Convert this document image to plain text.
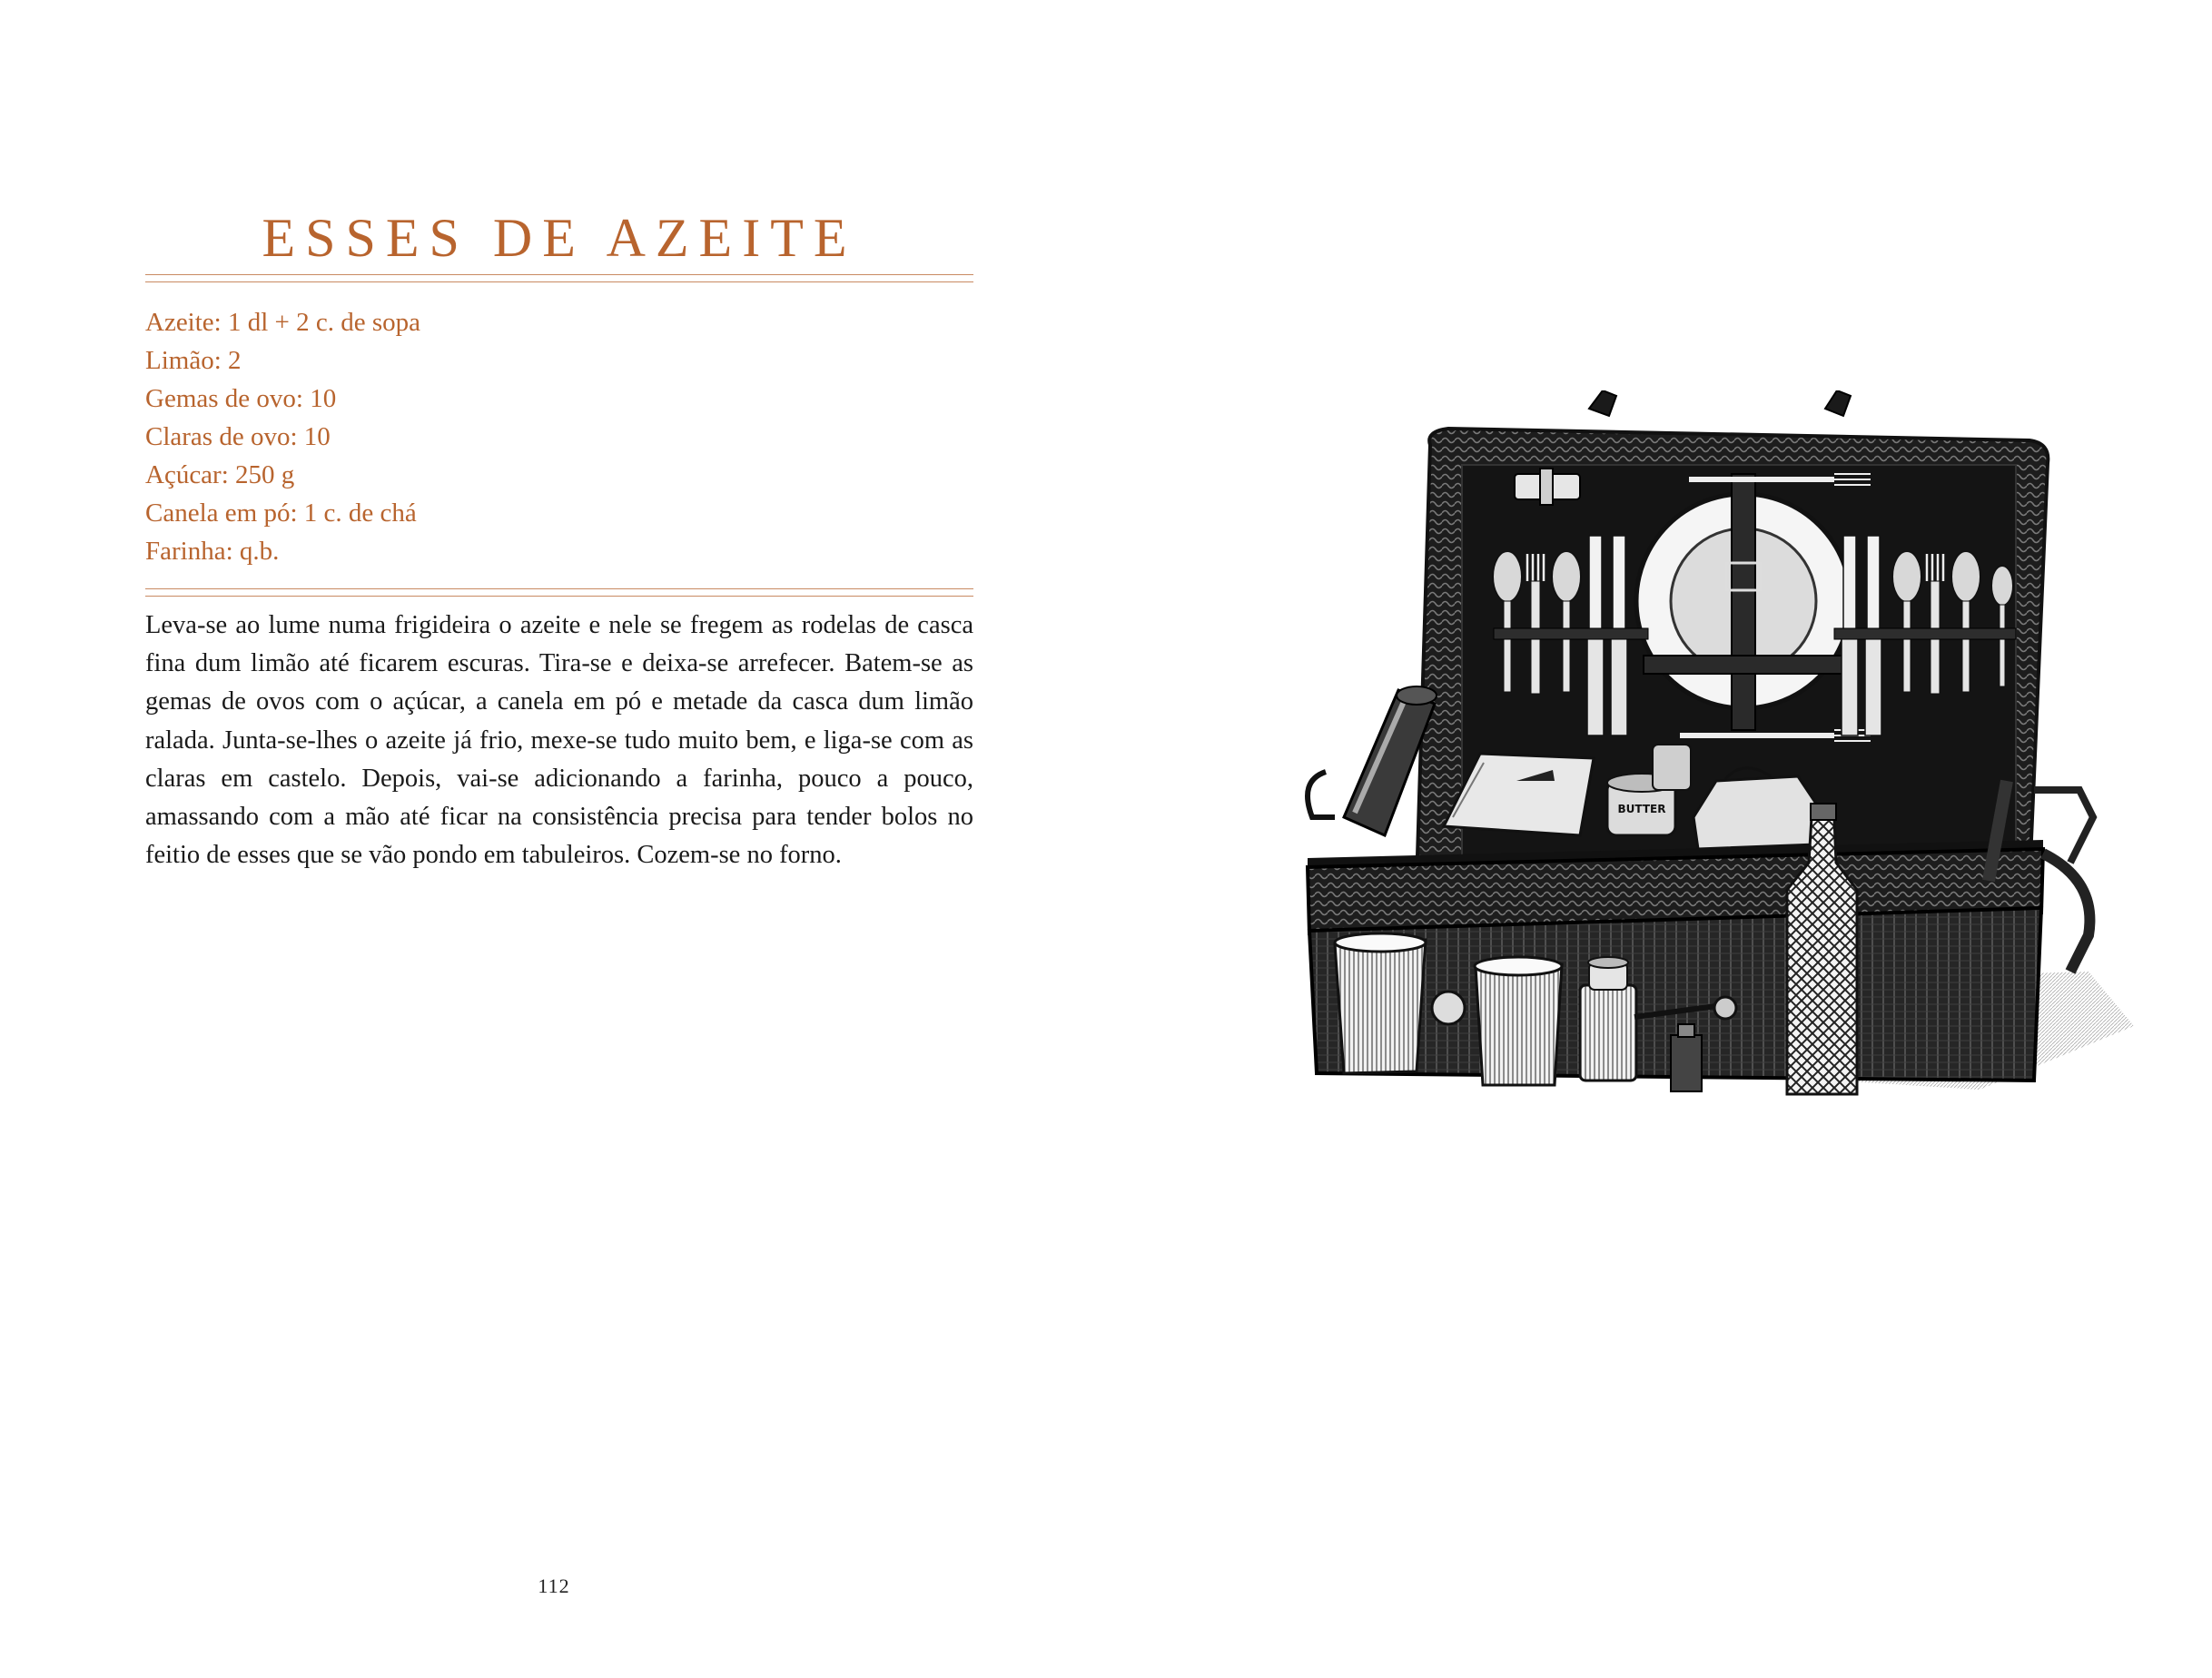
ESSES DE AZEITE
Azeite: 1 dl + 2 c. de sopa
Limão: 2
Gemas de ovo: 10
Claras de ovo: 10
Açúcar: 250 g
Canela em pó: 1 c. de chá
Farinha: q.b.

Leva-se ao lume numa frigideira o azeite e nele se fregem as rodelas de casca fina dum limão até ficarem escuras. Tira-se e deixa-se arrefecer. Batem-se as gemas de ovos com o açúcar, a canela em pó e metade da casca dum limão ralada. Junta-se-lhes o azeite já frio, mexe-se tudo muito bem, e liga-se com as claras em castelo. Depois, vai-se adicionando a farinha, pouco a pouco, amassando com a mão até ficar na consistência precisa para tender bolos no feitio de esses que se vão pondo em tabuleiros. Cozem-se no forno.

112
BUTTER
